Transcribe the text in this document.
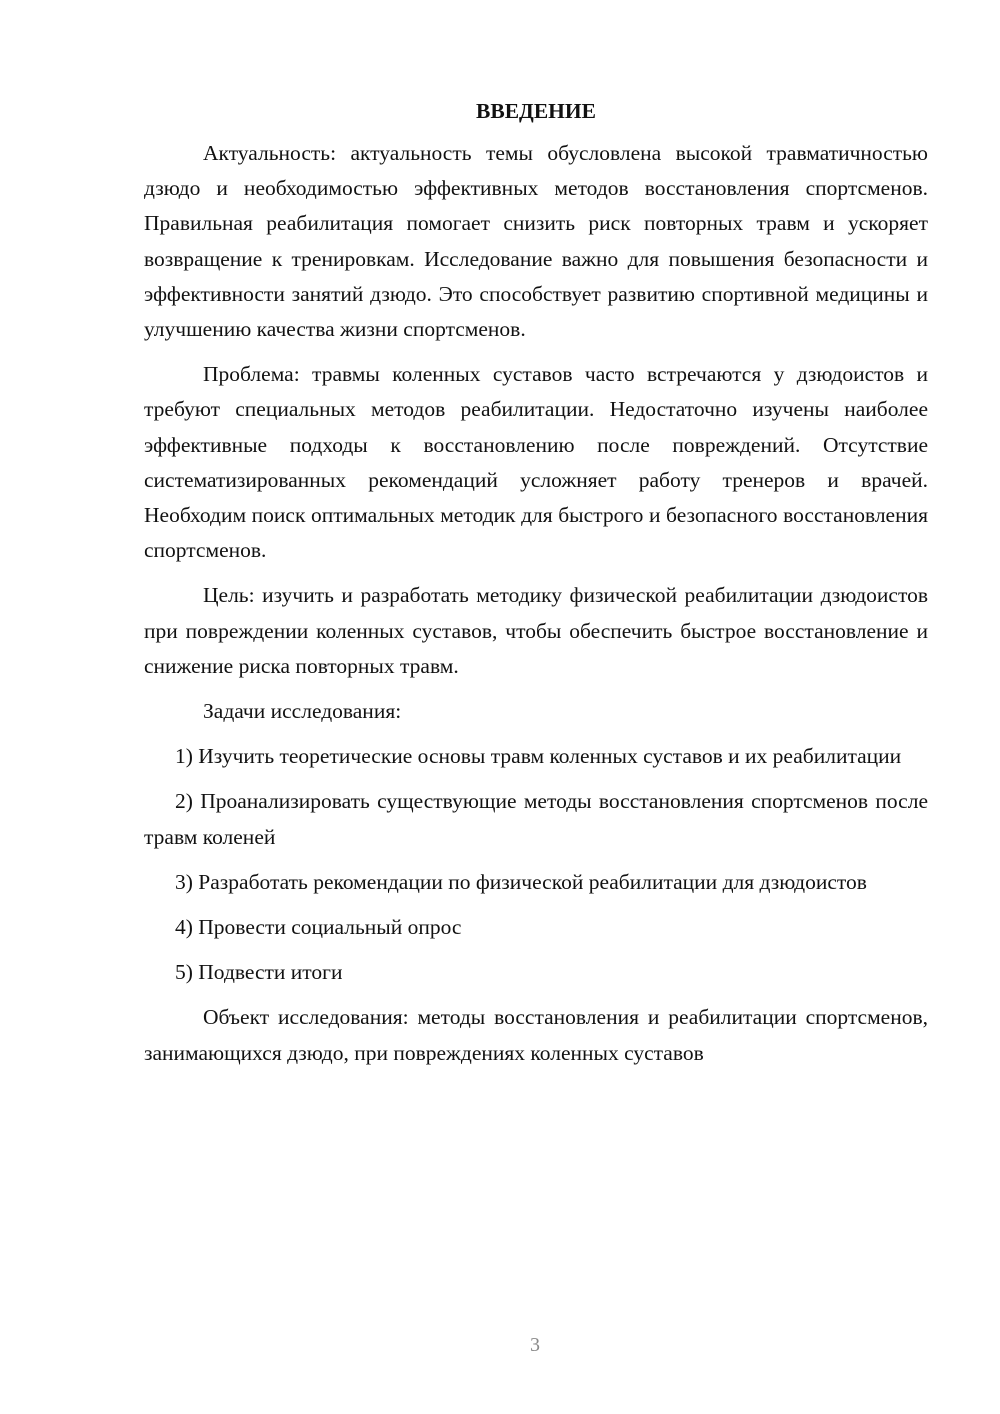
ВВЕДЕНИЕ

Актуальность: актуальность темы обусловлена высокой травматичностью дзюдо и необходимостью эффективных методов восстановления спортсменов. Правильная реабилитация помогает снизить риск повторных травм и ускоряет возвращение к тренировкам. Исследование важно для повышения безопасности и эффективности занятий дзюдо. Это способствует развитию спортивной медицины и улучшению качества жизни спортсменов.

Проблема: травмы коленных суставов часто встречаются у дзюдоистов и требуют специальных методов реабилитации. Недостаточно изучены наиболее эффективные подходы к восстановлению после повреждений. Отсутствие систематизированных рекомендаций усложняет работу тренеров и врачей. Необходим поиск оптимальных методик для быстрого и безопасного восстановления спортсменов.

Цель: изучить и разработать методику физической реабилитации дзюдоистов при повреждении коленных суставов, чтобы обеспечить быстрое восстановление и снижение риска повторных травм.

Задачи исследования:

1) Изучить теоретические основы травм коленных суставов и их реабилитации

2) Проанализировать существующие методы восстановления спортсменов после травм коленей

3) Разработать рекомендации по физической реабилитации для дзюдоистов

4) Провести социальный опрос

5) Подвести итоги

Объект исследования: методы восстановления и реабилитации спортсменов, занимающихся дзюдо, при повреждениях коленных суставов

3
